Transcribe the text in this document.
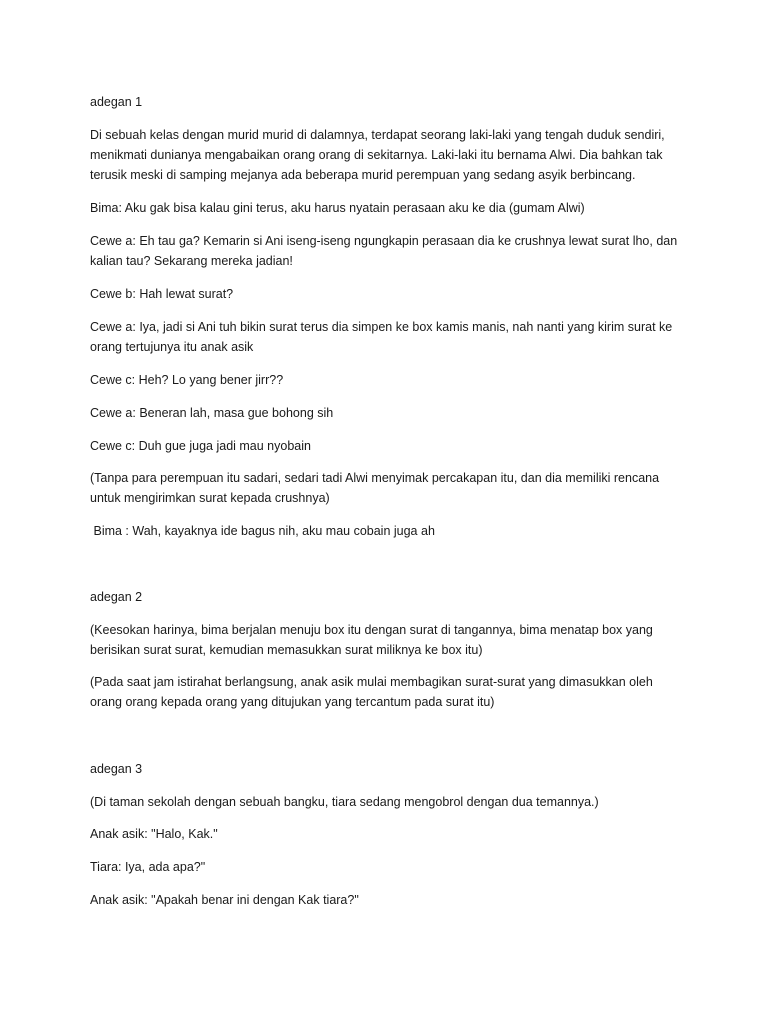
adegan 1

Di sebuah kelas dengan murid murid di dalamnya, terdapat seorang laki-laki yang tengah duduk sendiri,
menikmati dunianya mengabaikan orang orang di sekitarnya. Laki-laki itu bernama Alwi. Dia bahkan tak
terusik meski di samping mejanya ada beberapa murid perempuan yang sedang asyik berbincang.

Bima: Aku gak bisa kalau gini terus, aku harus nyatain perasaan aku ke dia (gumam Alwi)

Cewe a: Eh tau ga? Kemarin si Ani iseng-iseng ngungkapin perasaan dia ke crushnya lewat surat lho, dan
kalian tau? Sekarang mereka jadian!

Cewe b: Hah lewat surat?

Cewe a: Iya, jadi si Ani tuh bikin surat terus dia simpen ke box kamis manis, nah nanti yang kirim surat ke
orang tertujunya itu anak asik

Cewe c: Heh? Lo yang bener jirr??

Cewe a: Beneran lah, masa gue bohong sih

Cewe c: Duh gue juga jadi mau nyobain

(Tanpa para perempuan itu sadari, sedari tadi Alwi menyimak percakapan itu, dan dia memiliki rencana
untuk mengirimkan surat kepada crushnya)

Bima : Wah, kayaknya ide bagus nih, aku mau cobain juga ah

adegan 2

(Keesokan harinya, bima berjalan menuju box itu dengan surat di tangannya, bima menatap box yang
berisikan surat surat, kemudian memasukkan surat miliknya ke box itu)

(Pada saat jam istirahat berlangsung, anak asik mulai membagikan surat-surat yang dimasukkan oleh
orang orang kepada orang yang ditujukan yang tercantum pada surat itu)

adegan 3

(Di taman sekolah dengan sebuah bangku, tiara sedang mengobrol dengan dua temannya.)

Anak asik: "Halo, Kak."

Tiara: Iya, ada apa?"

Anak asik: "Apakah benar ini dengan Kak tiara?"
